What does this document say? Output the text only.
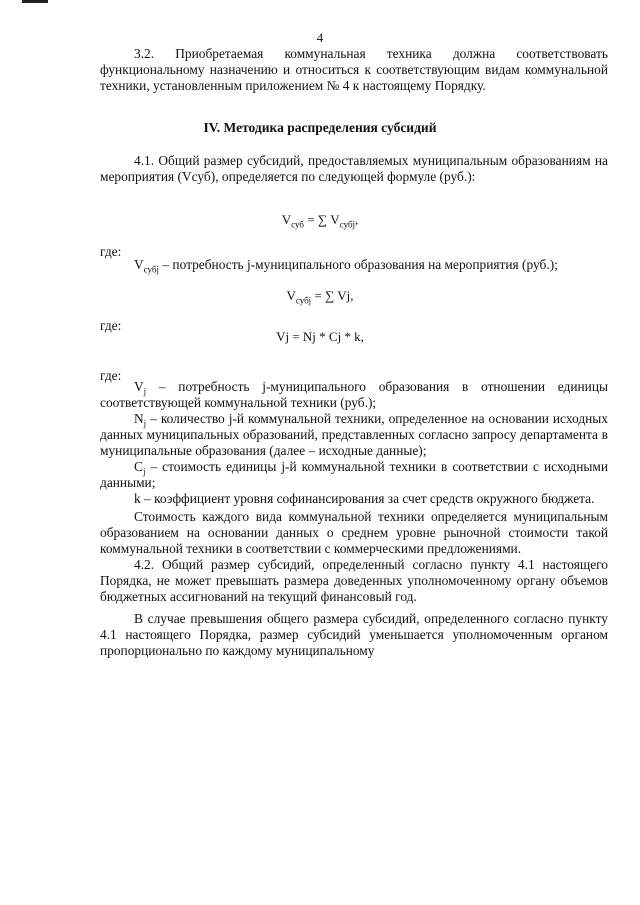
4

3.2. Приобретаемая коммунальная техника должна соответствовать функциональному назначению и относиться к соответствующим видам коммунальной техники, установленным приложением № 4 к настоящему Порядку.

IV. Методика распределения субсидий

4.1. Общий размер субсидий, предоставляемых муниципальным образованиям на мероприятия (Vсуб), определяется по следующей формуле (руб.):

$V_{суб}$ = ∑ $V_{субj}$,
где:

$V_{субj}$ – потребность j-муниципального образования на мероприятия (руб.);

$V_{субj}$ = ∑ Vj,
где:
Vj = Nj * Cj * k,
где:

$V_j$ – потребность j-муниципального образования в отношении единицы соответствующей коммунальной техники (руб.);

$N_j$ – количество j-й коммунальной техники, определенное на основании исходных данных муниципальных образований, представленных согласно запросу департамента в муниципальные образования (далее – исходные данные);

$C_j$ – стоимость единицы j-й коммунальной техники в соответствии с исходными данными;

k – коэффициент уровня софинансирования за счет средств окружного бюджета.

Стоимость каждого вида коммунальной техники определяется муниципальным образованием на основании данных о среднем уровне рыночной стоимости такой коммунальной техники в соответствии с коммерческими предложениями.

4.2. Общий размер субсидий, определенный согласно пункту 4.1 настоящего Порядка, не может превышать размера доведенных уполномоченному органу объемов бюджетных ассигнований на текущий финансовый год.

В случае превышения общего размера субсидий, определенного согласно пункту 4.1 настоящего Порядка, размер субсидий уменьшается уполномоченным органом пропорционально по каждому муниципальному
